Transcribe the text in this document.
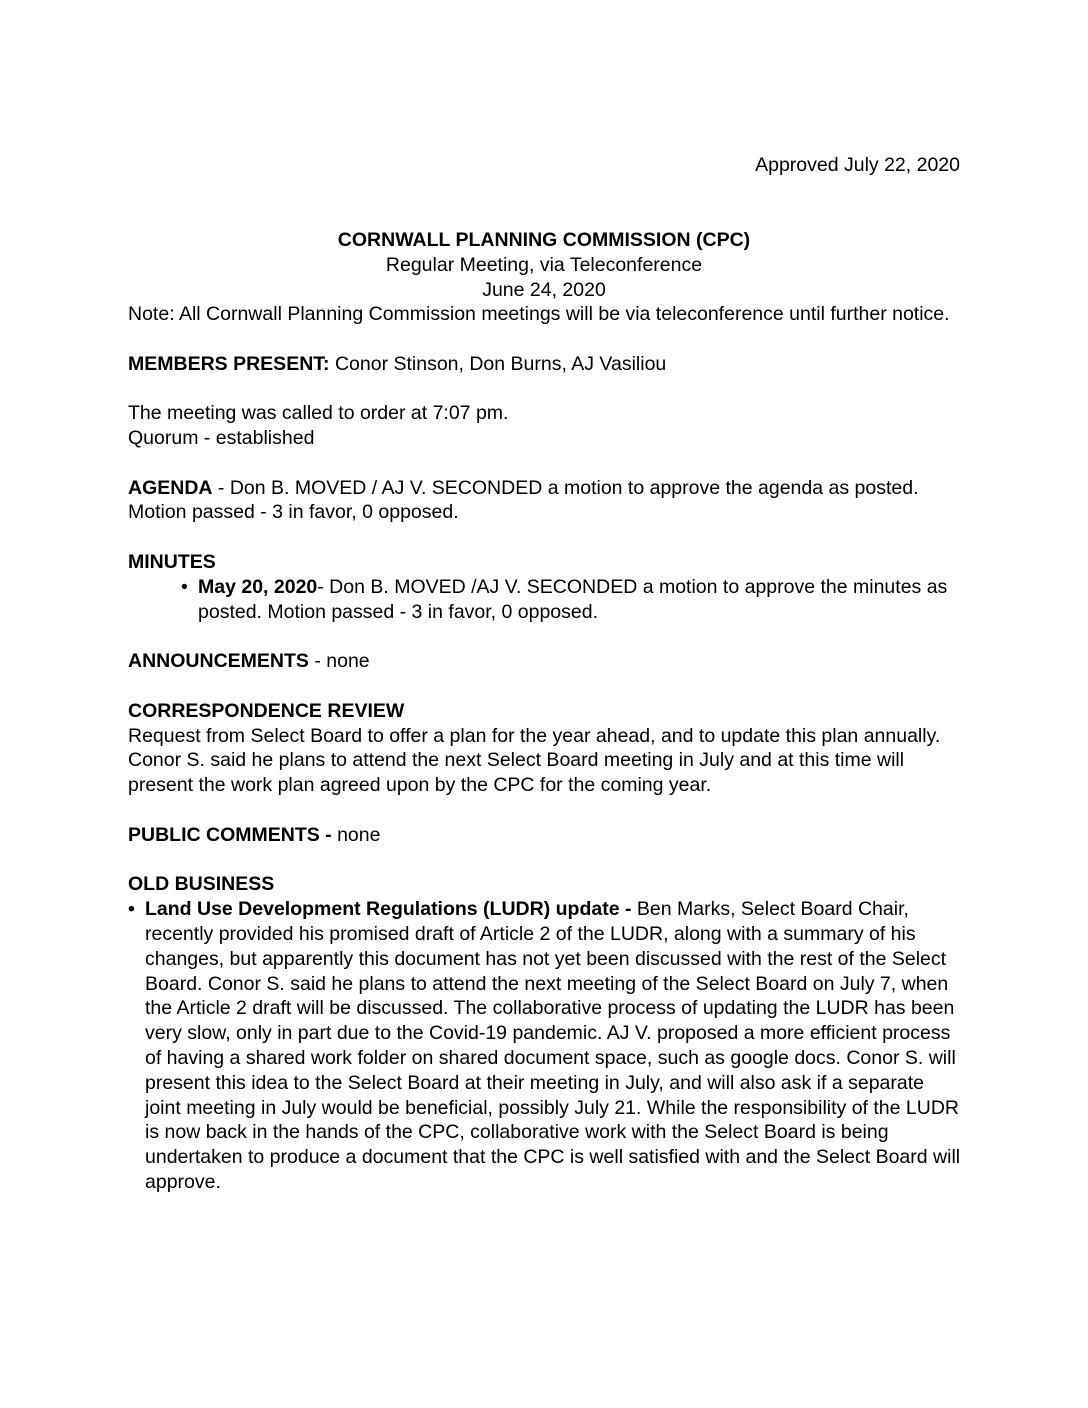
Approved July 22, 2020
CORNWALL PLANNING COMMISSION (CPC)
Regular Meeting, via Teleconference
June 24, 2020

Note: All Cornwall Planning Commission meetings will be via teleconference until further notice.

MEMBERS PRESENT: Conor Stinson, Don Burns, AJ Vasiliou

The meeting was called to order at 7:07 pm.

Quorum - established

AGENDA - Don B. MOVED / AJ V. SECONDED a motion to approve the agenda as posted. Motion passed - 3 in favor, 0 opposed.

MINUTES

• May 20, 2020- Don B. MOVED /AJ V. SECONDED a motion to approve the minutes as posted. Motion passed - 3 in favor, 0 opposed.

ANNOUNCEMENTS - none

CORRESPONDENCE REVIEW

Request from Select Board to offer a plan for the year ahead, and to update this plan annually. Conor S. said he plans to attend the next Select Board meeting in July and at this time will present the work plan agreed upon by the CPC for the coming year.

PUBLIC COMMENTS - none

OLD BUSINESS

• Land Use Development Regulations (LUDR) update - Ben Marks, Select Board Chair, recently provided his promised draft of Article 2 of the LUDR, along with a summary of his changes, but apparently this document has not yet been discussed with the rest of the Select Board. Conor S. said he plans to attend the next meeting of the Select Board on July 7, when the Article 2 draft will be discussed. The collaborative process of updating the LUDR has been very slow, only in part due to the Covid-19 pandemic. AJ V. proposed a more efficient process of having a shared work folder on shared document space, such as google docs. Conor S. will present this idea to the Select Board at their meeting in July, and will also ask if a separate joint meeting in July would be beneficial, possibly July 21. While the responsibility of the LUDR is now back in the hands of the CPC, collaborative work with the Select Board is being undertaken to produce a document that the CPC is well satisfied with and the Select Board will approve.
